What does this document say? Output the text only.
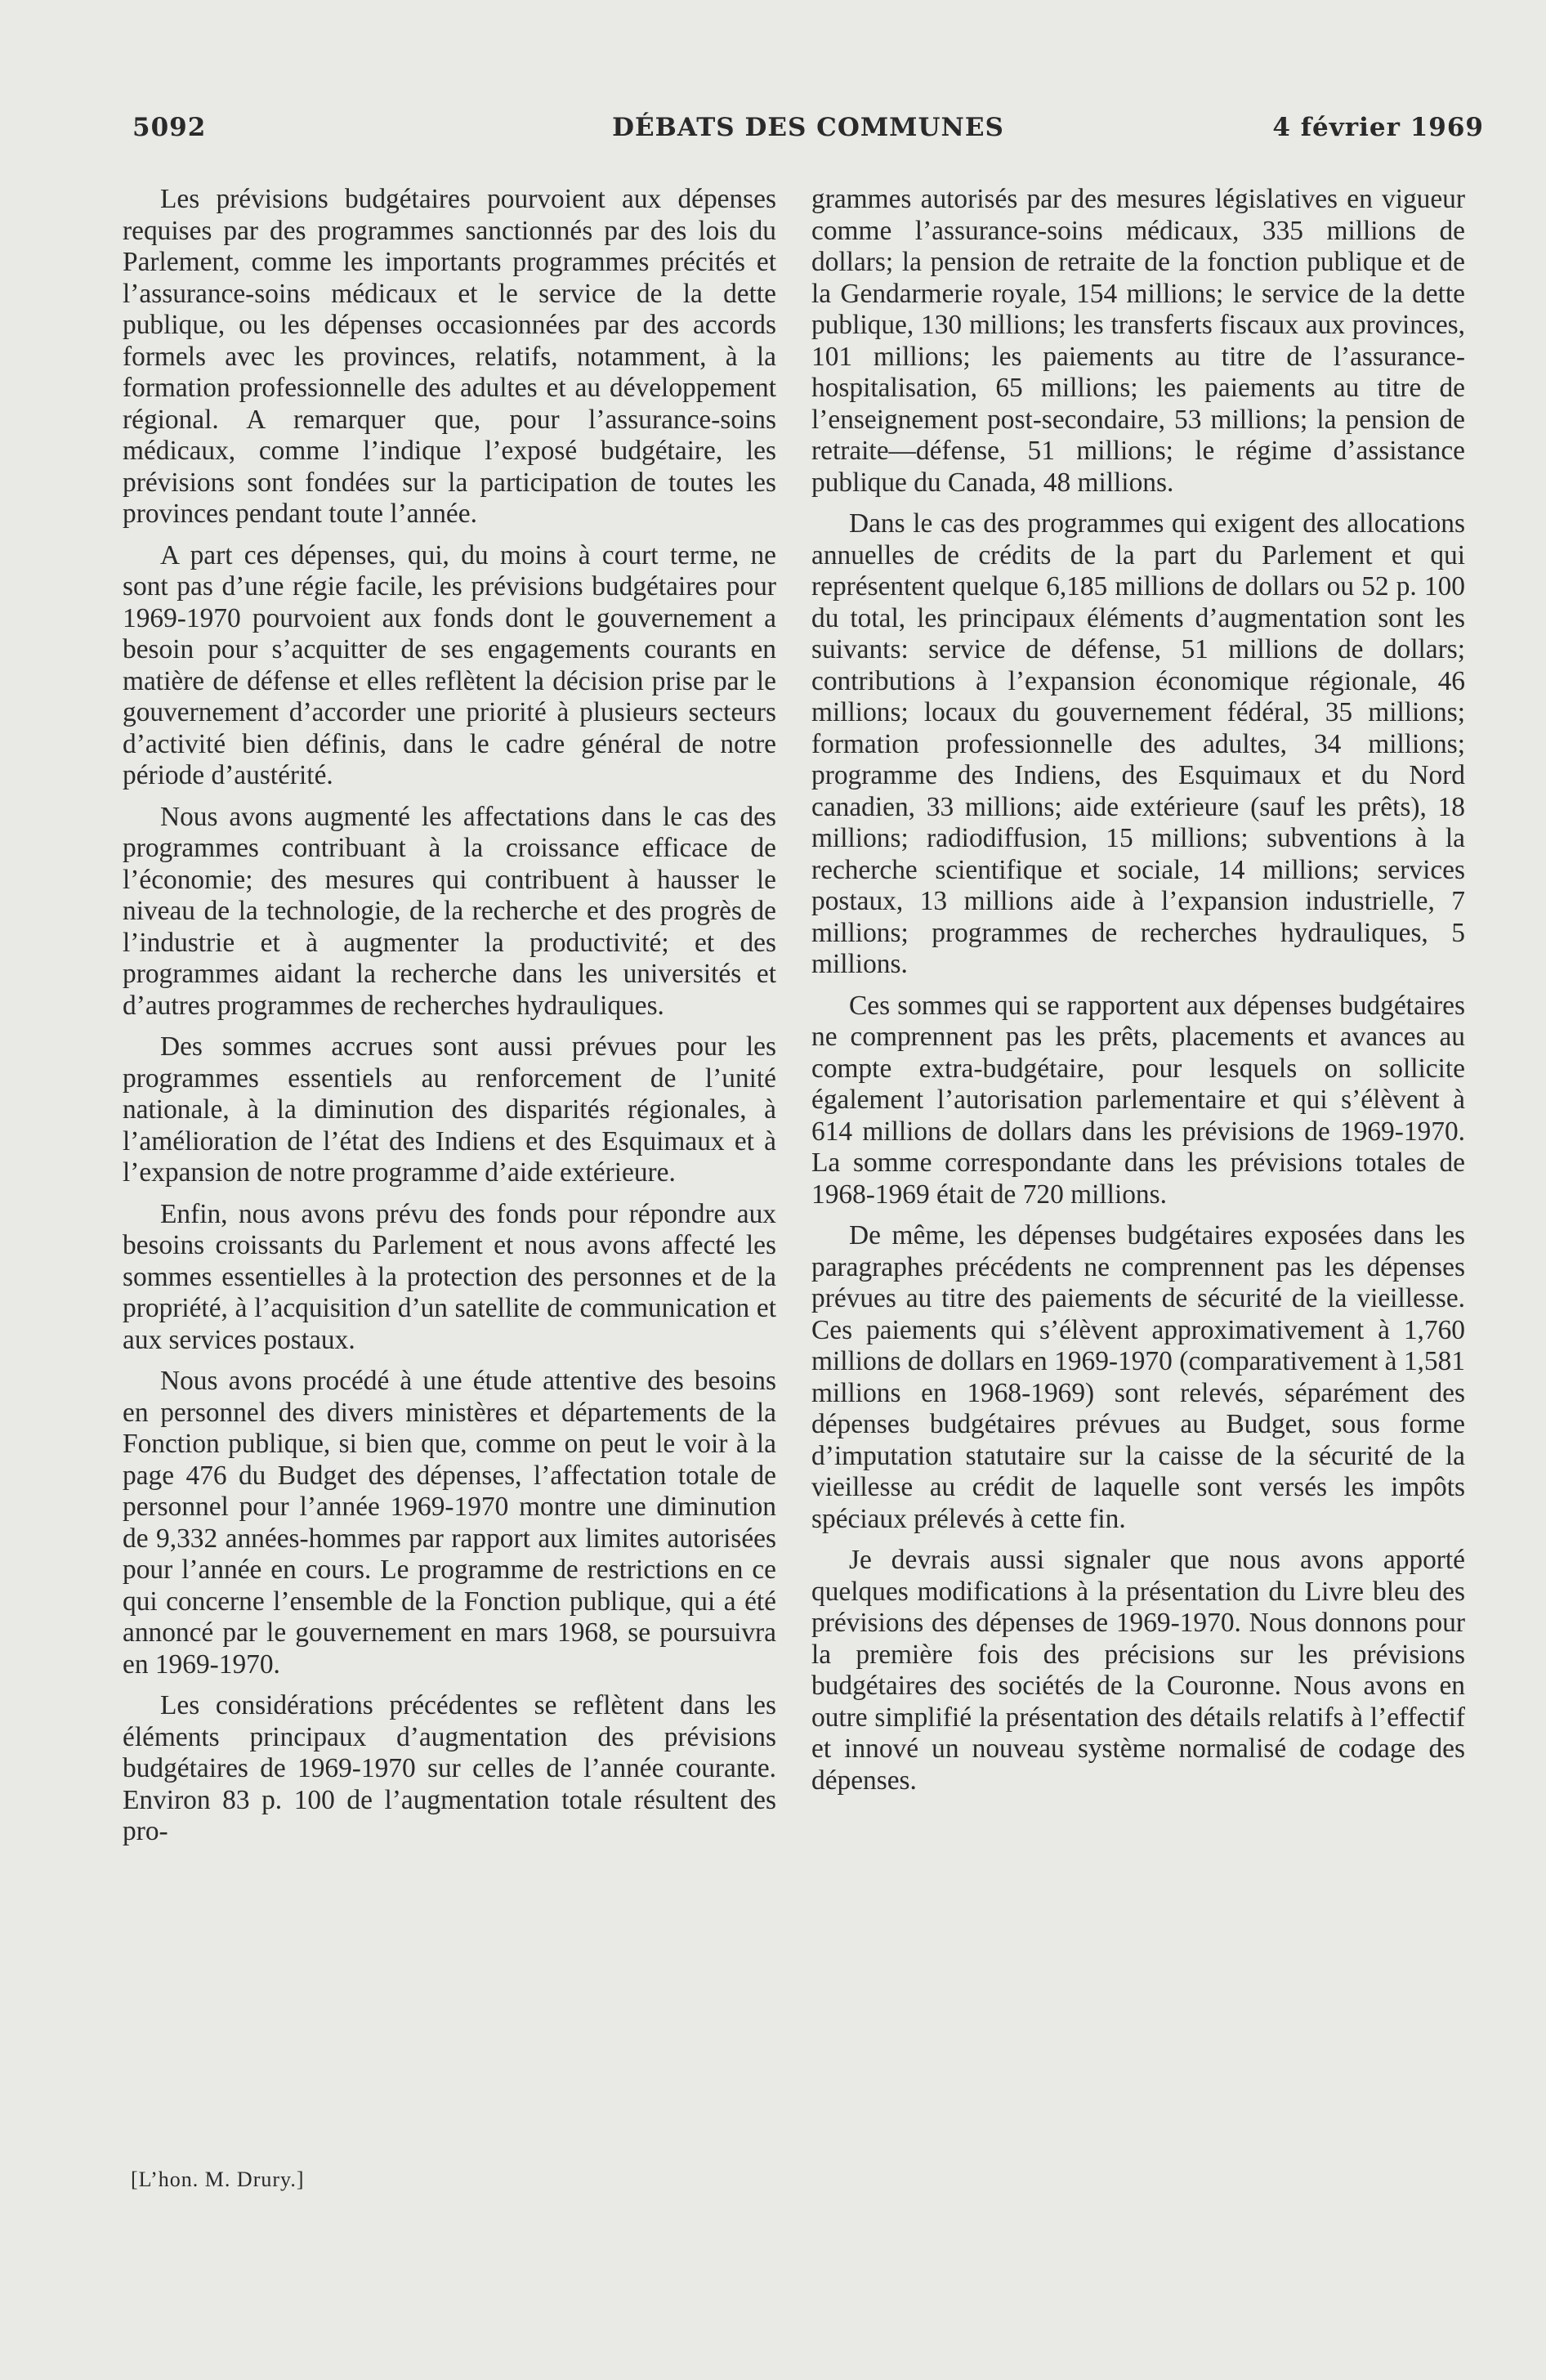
5092	DÉBATS DES COMMUNES	4 février 1969

Les prévisions budgétaires pourvoient aux dépenses requises par des programmes sanctionnés par des lois du Parlement, comme les importants programmes précités et l’assurance-soins médicaux et le service de la dette publique, ou les dépenses occasionnées par des accords formels avec les provinces, relatifs, notamment, à la formation professionnelle des adultes et au développement régional. A remarquer que, pour l’assurance-soins médicaux, comme l’indique l’exposé budgétaire, les prévisions sont fondées sur la participation de toutes les provinces pendant toute l’année.

A part ces dépenses, qui, du moins à court terme, ne sont pas d’une régie facile, les prévisions budgétaires pour 1969-1970 pourvoient aux fonds dont le gouvernement a besoin pour s’acquitter de ses engagements courants en matière de défense et elles reflètent la décision prise par le gouvernement d’accorder une priorité à plusieurs secteurs d’activité bien définis, dans le cadre général de notre période d’austérité.

Nous avons augmenté les affectations dans le cas des programmes contribuant à la croissance efficace de l’économie; des mesures qui contribuent à hausser le niveau de la technologie, de la recherche et des progrès de l’industrie et à augmenter la productivité; et des programmes aidant la recherche dans les universités et d’autres programmes de recherches hydrauliques.

Des sommes accrues sont aussi prévues pour les programmes essentiels au renforcement de l’unité nationale, à la diminution des disparités régionales, à l’amélioration de l’état des Indiens et des Esquimaux et à l’expansion de notre programme d’aide extérieure.

Enfin, nous avons prévu des fonds pour répondre aux besoins croissants du Parlement et nous avons affecté les sommes essentielles à la protection des personnes et de la propriété, à l’acquisition d’un satellite de communication et aux services postaux.

Nous avons procédé à une étude attentive des besoins en personnel des divers ministères et départements de la Fonction publique, si bien que, comme on peut le voir à la page 476 du Budget des dépenses, l’affectation totale de personnel pour l’année 1969-1970 montre une diminution de 9,332 années-hommes par rapport aux limites autorisées pour l’année en cours. Le programme de restrictions en ce qui concerne l’ensemble de la Fonction publique, qui a été annoncé par le gouvernement en mars 1968, se poursuivra en 1969-1970.

Les considérations précédentes se reflètent dans les éléments principaux d’augmentation des prévisions budgétaires de 1969-1970 sur celles de l’année courante. Environ 83 p. 100 de l’augmentation totale résultent des pro-

[L’hon. M. Drury.]

grammes autorisés par des mesures législatives en vigueur comme l’assurance-soins médicaux, 335 millions de dollars; la pension de retraite de la fonction publique et de la Gendarmerie royale, 154 millions; le service de la dette publique, 130 millions; les transferts fiscaux aux provinces, 101 millions; les paiements au titre de l’assurance-hospitalisation, 65 millions; les paiements au titre de l’enseignement post-secondaire, 53 millions; la pension de retraite—défense, 51 millions; le régime d’assistance publique du Canada, 48 millions.

Dans le cas des programmes qui exigent des allocations annuelles de crédits de la part du Parlement et qui représentent quelque 6,185 millions de dollars ou 52 p. 100 du total, les principaux éléments d’augmentation sont les suivants: service de défense, 51 millions de dollars; contributions à l’expansion économique régionale, 46 millions; locaux du gouvernement fédéral, 35 millions; formation professionnelle des adultes, 34 millions; programme des Indiens, des Esquimaux et du Nord canadien, 33 millions; aide extérieure (sauf les prêts), 18 millions; radiodiffusion, 15 millions; subventions à la recherche scientifique et sociale, 14 millions; services postaux, 13 millions aide à l’expansion industrielle, 7 millions; programmes de recherches hydrauliques, 5 millions.

Ces sommes qui se rapportent aux dépenses budgétaires ne comprennent pas les prêts, placements et avances au compte extra-budgétaire, pour lesquels on sollicite également l’autorisation parlementaire et qui s’élèvent à 614 millions de dollars dans les prévisions de 1969-1970. La somme correspondante dans les prévisions totales de 1968-1969 était de 720 millions.

De même, les dépenses budgétaires exposées dans les paragraphes précédents ne comprennent pas les dépenses prévues au titre des paiements de sécurité de la vieillesse. Ces paiements qui s’élèvent approximativement à 1,760 millions de dollars en 1969-1970 (comparativement à 1,581 millions en 1968-1969) sont relevés, séparément des dépenses budgétaires prévues au Budget, sous forme d’imputation statutaire sur la caisse de la sécurité de la vieillesse au crédit de laquelle sont versés les impôts spéciaux prélevés à cette fin.

Je devrais aussi signaler que nous avons apporté quelques modifications à la présentation du Livre bleu des prévisions des dépenses de 1969-1970. Nous donnons pour la première fois des précisions sur les prévisions budgétaires des sociétés de la Couronne. Nous avons en outre simplifié la présentation des détails relatifs à l’effectif et innové un nouveau système normalisé de codage des dépenses.
